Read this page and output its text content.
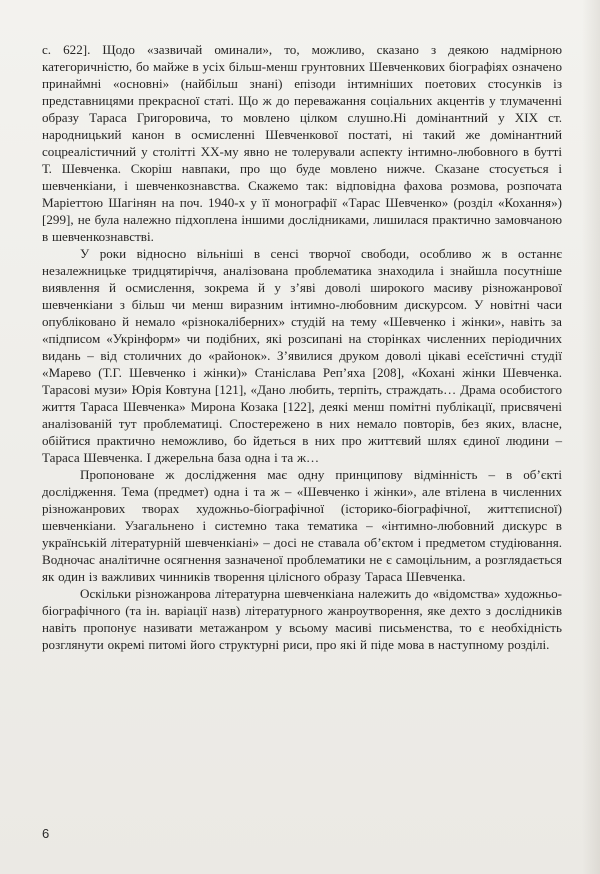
с. 622]. Щодо «зазвичай оминали», то, можливо, сказано з деякою надмірною категоричністю, бо майже в усіх більш-менш грунтовних Шевченкових біографіях означено принаймні «основні» (найбільш знані) епізоди інтимніших поетових стосунків із представницями прекрасної статі. Що ж до переважання соціальних акцентів у тлумаченні образу Тараса Григоровича, то мовлено цілком слушно.Ні домінантний у XIX ст. народницький канон в осмисленні Шевченкової постаті, ні такий же домінантний соцреалістичний у столітті XX-му явно не толерували аспекту інтимно-любовного в бутті Т. Шевченка. Скоріш навпаки, про що буде мовлено нижче. Сказане стосується і шевченкіани, і шевченкознавства. Скажемо так: відповідна фахова розмова, розпочата Маріеттою Шагінян на поч. 1940-х у її монографії «Тарас Шевченко» (розділ «Кохання») [299], не була належно підхоплена іншими дослідниками, лишилася практично замовчаною в шевченкознавстві.

У роки відносно вільніші в сенсі творчої свободи, особливо ж в останнє незалежницьке тридцятиріччя, аналізована проблематика знаходила і знайшла посутніше виявлення й осмислення, зокрема й у з’яві доволі широкого масиву різножанрової шевченкіани з більш чи менш виразним інтимно-любовним дискурсом. У новітні часи опубліковано й немало «різнокаліберних» студій на тему «Шевченко і жінки», навіть за «підписом «Укрінформ» чи подібних, які розсипані на сторінках численних періодичних видань – від столичних до «районок». З’явилися друком доволі цікаві есеїстичні студії «Марево (Т.Г. Шевченко і жінки)» Станіслава Реп’яха [208], «Кохані жінки Шевченка. Тарасові музи» Юрія Ковтуна [121], «Дано любить, терпіть, страждать… Драма особистого життя Тараса Шевченка» Мирона Козака [122], деякі менш помітні публікації, присвячені аналізованій тут проблематиці. Спостережено в них немало повторів, без яких, власне, обійтися практично неможливо, бо йдеться в них про життєвий шлях єдиної людини – Тараса Шевченка. І джерельна база одна і та ж…

Пропоноване ж дослідження має одну принципову відмінність – в об’єкті дослідження. Тема (предмет) одна і та ж – «Шевченко і жінки», але втілена в численних різножанрових творах художньо-біографічної (історико-біографічної, життєписної) шевченкіани. Узагальнено і системно така тематика – «інтимно-любовний дискурс в українській літературній шевченкіані» – досі не ставала об’єктом і предметом студіювання. Водночас аналітичне осягнення зазначеної проблематики не є самоцільним, а розглядається як один із важливих чинників творення цілісного образу Тараса Шевченка.

Оскільки різножанрова літературна шевченкіана належить до «відомства» художньо-біографічного (та ін. варіації назв) літературного жанроутворення, яке дехто з дослідників навіть пропонує називати метажанром у всьому масиві письменства, то є необхідність розглянути окремі питомі його структурні риси, про які й піде мова в наступному розділі.

6
